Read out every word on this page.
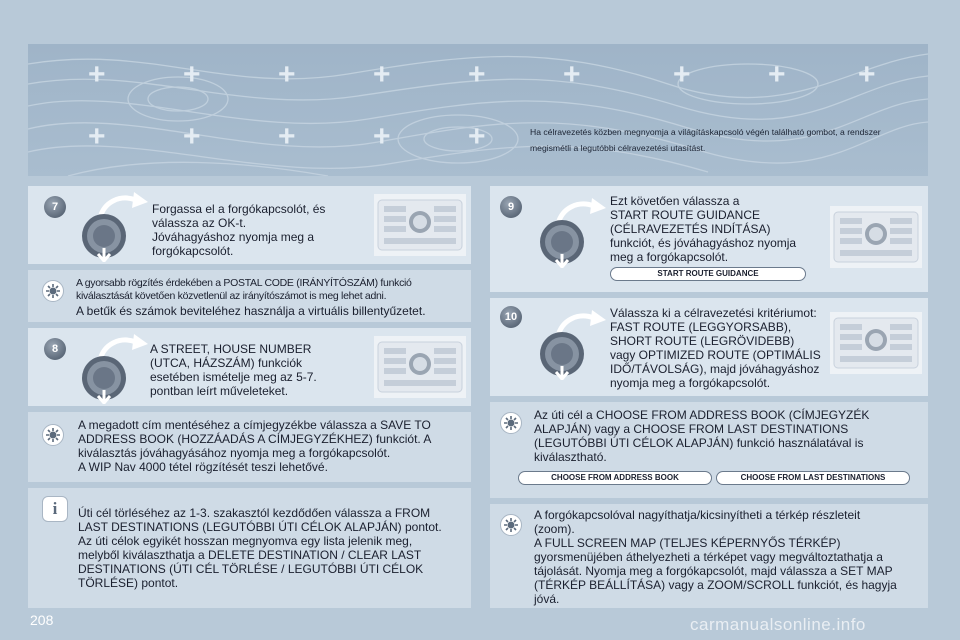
+	+	+	+	+	+	+	+ +
+	+	+	+	+	Ha célravezetés közben megnyomja a világításkapcsoló végén található gombot, a rendszer megismétli a legutóbbi célravezetési utasítást.
7	Forgassa el a forgókapcsolót, és
válassza az OK-t.
Jóváhagyáshoz nyomja meg a
forgókapcsolót.
A gyorsabb rögzítés érdekében a POSTAL CODE (IRÁNYÍTÓSZÁM) funkció
kiválasztását követően közvetlenül az irányítószámot is meg lehet adni.
A betűk és számok beviteléhez használja a virtuális billentyűzetet.
8	A STREET, HOUSE NUMBER
(UTCA, HÁZSZÁM) funkciók
esetében ismételje meg az 5-7.
pontban leírt műveleteket.
A megadott cím mentéséhez a címjegyzékbe válassza a SAVE TO
ADDRESS BOOK (HOZZÁADÁS A CÍMJEGYZÉKHEZ) funkciót. A
kiválasztás jóváhagyásához nyomja meg a forgókapcsolót.
A WIP Nav 4000 tétel rögzítését teszi lehetővé.
i	Úti cél törléséhez az 1-3. szakasztól kezdődően válassza a FROM
LAST DESTINATIONS (LEGUTÓBBI ÚTI CÉLOK ALAPJÁN) pontot.
Az úti célok egyikét hosszan megnyomva egy lista jelenik meg,
melyből kiválaszthatja a DELETE DESTINATION / CLEAR LAST
DESTINATIONS (ÚTI CÉL TÖRLÉSE / LEGUTÓBBI ÚTI CÉLOK
TÖRLÉSE) pontot.
9	Ezt követően válassza a
START ROUTE GUIDANCE
(CÉLRAVEZETÉS INDÍTÁSA)
funkciót, és jóváhagyáshoz nyomja
meg a forgókapcsolót.
START ROUTE GUIDANCE
10	Válassza ki a célravezetési kritériumot:
FAST ROUTE (LEGGYORSABB),
SHORT ROUTE (LEGRÖVIDEBB)
vagy OPTIMIZED ROUTE (OPTIMÁLIS
IDŐ/TÁVOLSÁG), majd jóváhagyáshoz
nyomja meg a forgókapcsolót.
Az úti cél a CHOOSE FROM ADDRESS BOOK (CÍMJEGYZÉK
ALAPJÁN) vagy a CHOOSE FROM LAST DESTINATIONS
(LEGUTÓBBI ÚTI CÉLOK ALAPJÁN) funkció használatával is
kiválasztható.
CHOOSE FROM ADDRESS BOOK	CHOOSE FROM LAST DESTINATIONS
A forgókapcsolóval nagyíthatja/kicsinyítheti a térkép részleteit
(zoom).
A FULL SCREEN MAP (TELJES KÉPERNYŐS TÉRKÉP)
gyorsmenüjében áthelyezheti a térképet vagy megváltoztathatja a
tájolását. Nyomja meg a forgókapcsolót, majd válassza a SET MAP
(TÉRKÉP BEÁLLÍTÁSA) vagy a ZOOM/SCROLL funkciót, és hagyja
jóvá.
208	carmanualsonline.info
